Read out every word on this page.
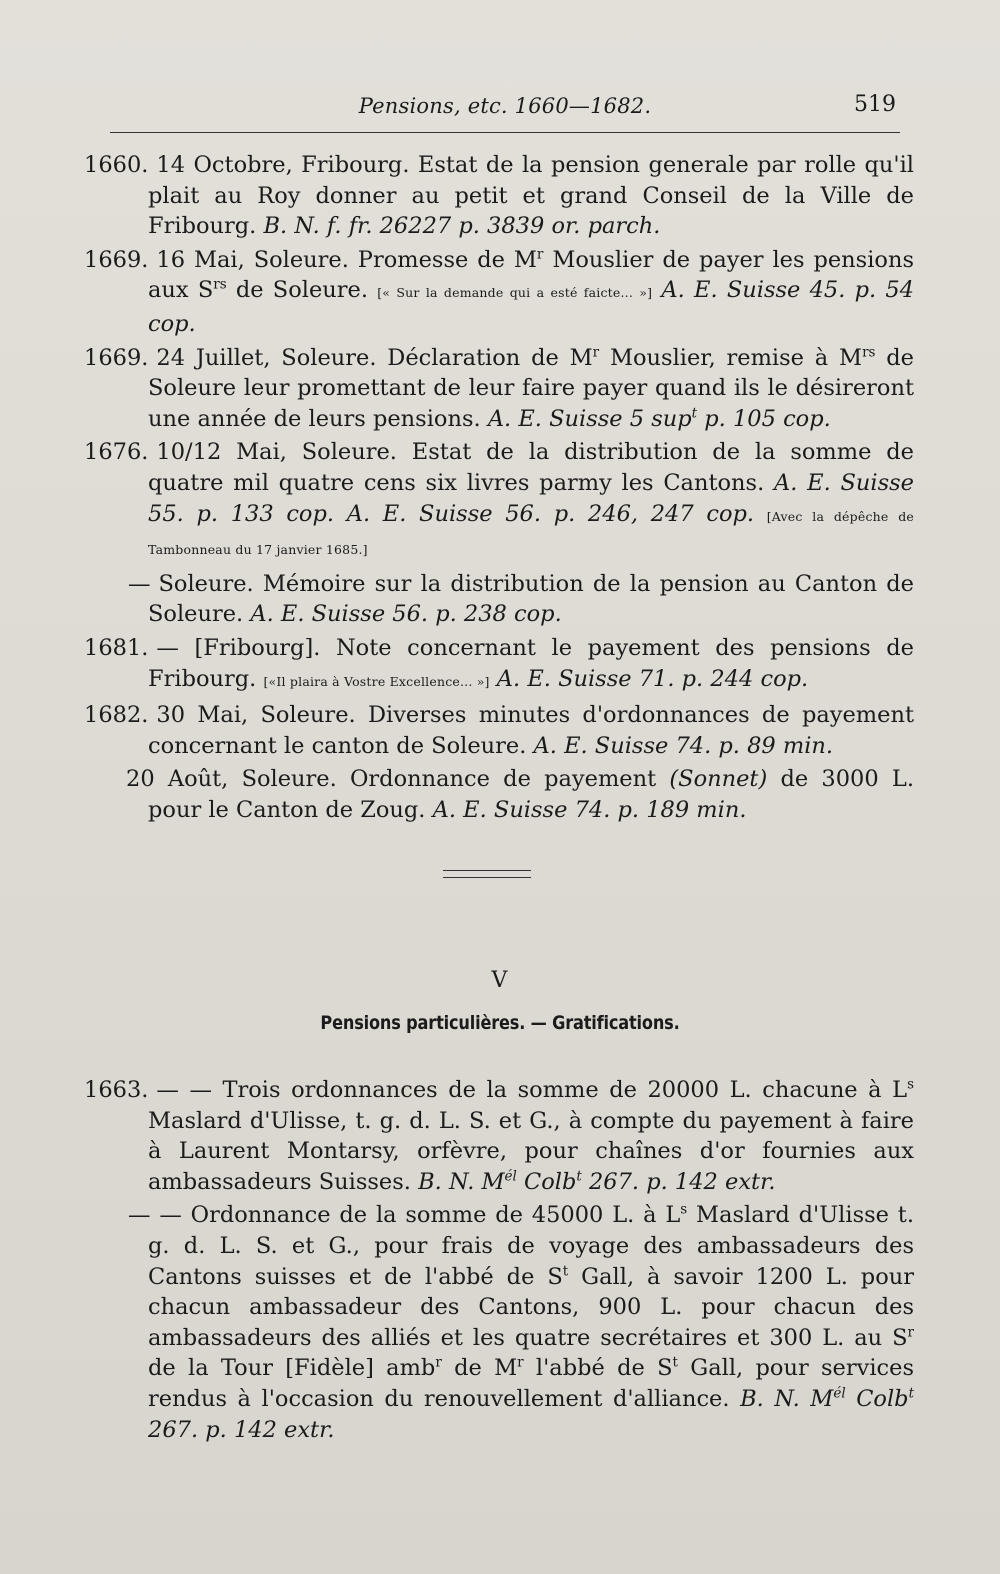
Pensions, etc. 1660—1682.	519

1660. 14 Octobre, Fribourg. Estat de la pension generale par rolle qu'il plait au Roy donner au petit et grand Conseil de la Ville de Fribourg. B. N. f. fr. 26227 p. 3839 or. parch.

1669. 16 Mai, Soleure. Promesse de $M^r$ Mouslier de payer les pensions aux $S^{rs}$ de Soleure. [« Sur la demande qui a esté faicte... »] A. E. Suisse 45. p. 54 cop.

1669. 24 Juillet, Soleure. Déclaration de $M^r$ Mouslier, remise à $M^{rs}$ de Soleure leur promettant de leur faire payer quand ils le désireront une année de leurs pensions. A. E. Suisse 5 sup$^t$ p. 105 cop.

1676. 10/12 Mai, Soleure. Estat de la distribution de la somme de quatre mil quatre cens six livres parmy les Cantons. A. E. Suisse 55. p. 133 cop. A. E. Suisse 56. p. 246, 247 cop. [Avec la dépêche de Tambonneau du 17 janvier 1685.]

— Soleure. Mémoire sur la distribution de la pension au Canton de Soleure. A. E. Suisse 56. p. 238 cop.

1681. — [Fribourg]. Note concernant le payement des pensions de Fribourg. [«Il plaira à Vostre Excellence... »] A. E. Suisse 71. p. 244 cop.

1682. 30 Mai, Soleure. Diverses minutes d'ordonnances de payement concernant le canton de Soleure. A. E. Suisse 74. p. 89 min.

20 Août, Soleure. Ordonnance de payement (Sonnet) de 3000 L. pour le Canton de Zoug. A. E. Suisse 74. p. 189 min.

V
Pensions particulières. — Gratifications.

1663. — — Trois ordonnances de la somme de 20000 L. chacune à $L^s$ Maslard d'Ulisse, t. g. d. L. S. et G., à compte du payement à faire à Laurent Montarsy, orfèvre, pour chaînes d'or fournies aux ambassadeurs Suisses. B. N. $M^{él}$ Colb$^t$ 267. p. 142 extr.

— — Ordonnance de la somme de 45000 L. à $L^s$ Maslard d'Ulisse t. g. d. L. S. et G., pour frais de voyage des ambassadeurs des Cantons suisses et de l'abbé de $S^t$ Gall, à savoir 1200 L. pour chacun ambassadeur des Cantons, 900 L. pour chacun des ambassadeurs des alliés et les quatre secrétaires et 300 L. au $S^r$ de la Tour [Fidèle] amb$^r$ de $M^r$ l'abbé de $S^t$ Gall, pour services rendus à l'occasion du renouvellement d'alliance. B. N. $M^{él}$ Colb$^t$ 267. p. 142 extr.
